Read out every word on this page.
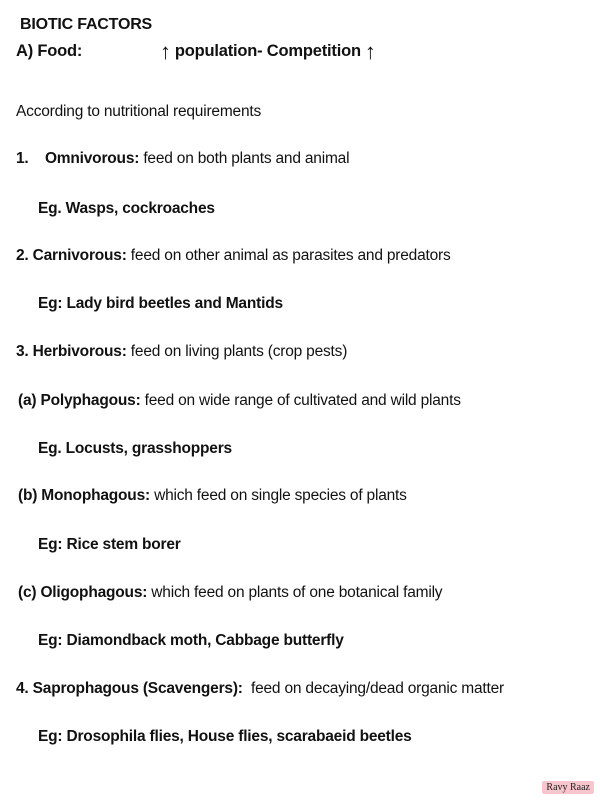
BIOTIC FACTORS
A) Food:	↑ population- Competition ↑
According to nutritional requirements
1.    Omnivorous: feed on both plants and animal
Eg. Wasps, cockroaches
2. Carnivorous: feed on other animal as parasites and predators
Eg: Lady bird beetles and Mantids
3. Herbivorous: feed on living plants (crop pests)
(a) Polyphagous: feed on wide range of cultivated and wild plants
Eg. Locusts, grasshoppers
(b) Monophagous: which feed on single species of plants
Eg: Rice stem borer
(c) Oligophagous: which feed on plants of one botanical family
Eg: Diamondback moth, Cabbage butterfly
4. Saprophagous (Scavengers):  feed on decaying/dead organic matter
Eg: Drosophila flies, House flies, scarabaeid beetles
Ravy Raaz
